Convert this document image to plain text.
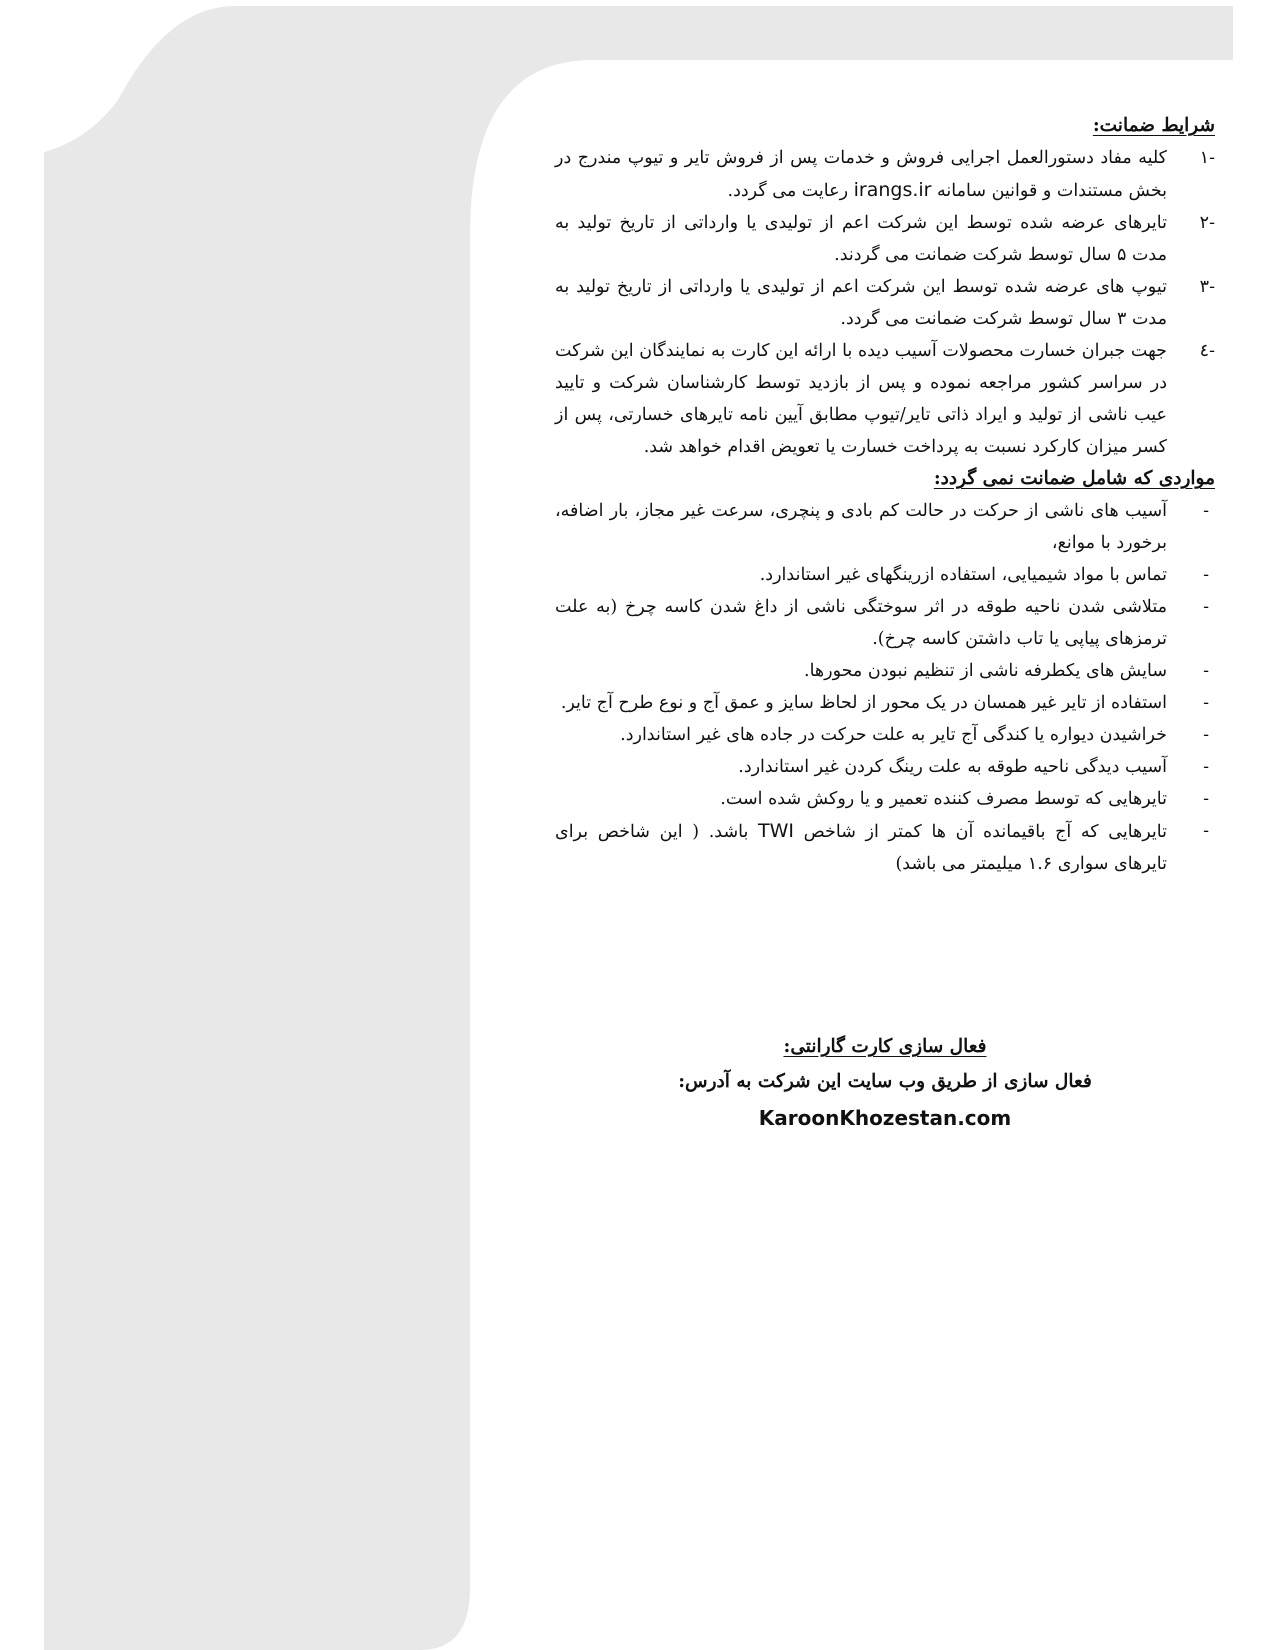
شرایط ضمانت:
-۱
کلیه مفاد دستورالعمل اجرایی فروش و خدمات پس از فروش تایر و تیوپ مندرج در بخش مستندات و قوانین سامانه irangs.ir رعایت می گردد.
-۲
تایرهای عرضه شده توسط این شرکت اعم از تولیدی یا وارداتی از تاریخ تولید به مدت ۵ سال توسط شرکت ضمانت می گردند.
-۳
تیوپ های عرضه شده توسط این شرکت اعم از تولیدی یا وارداتی از تاریخ تولید به مدت ۳ سال توسط شرکت ضمانت می گردد.
-٤
جهت جبران خسارت محصولات آسیب دیده با ارائه این کارت به نمایندگان این شرکت در سراسر کشور مراجعه نموده و پس از بازدید توسط کارشناسان شرکت و تایید عیب ناشی از تولید و ایراد ذاتی تایر/تیوپ مطابق آیین نامه تایرهای خسارتی، پس از کسر میزان کارکرد نسبت به پرداخت خسارت یا تعویض اقدام خواهد شد.
مواردی که شامل ضمانت نمی گردد:
-
آسیب های ناشی از حرکت در حالت کم بادی و پنچری، سرعت غیر مجاز، بار اضافه، برخورد با موانع،
-
تماس با مواد شیمیایی، استفاده ازرینگهای غیر استاندارد.
-
متلاشی شدن ناحیه طوقه در اثر سوختگی ناشی از داغ شدن کاسه چرخ (به علت ترمزهای پیاپی یا تاب داشتن کاسه چرخ).
-
سایش های یکطرفه ناشی از تنظیم نبودن محورها.
-
استفاده از تایر غیر همسان در یک محور از لحاظ سایز و عمق آج و نوع طرح آج تایر.
-
خراشیدن دیواره یا کندگی آج تایر به علت حرکت در جاده های غیر استاندارد.
-
آسیب دیدگی ناحیه طوقه به علت رینگ کردن غیر استاندارد.
-
تایرهایی که توسط مصرف کننده تعمیر و یا روکش شده است.
-
تایرهایی که آج باقیمانده آن ها کمتر از شاخص TWI باشد. ( این شاخص برای تایرهای سواری ۱.۶ میلیمتر می باشد)
فعال سازی کارت گارانتی:
فعال سازی از طریق وب سایت این شرکت به آدرس:
KaroonKhozestan.com
